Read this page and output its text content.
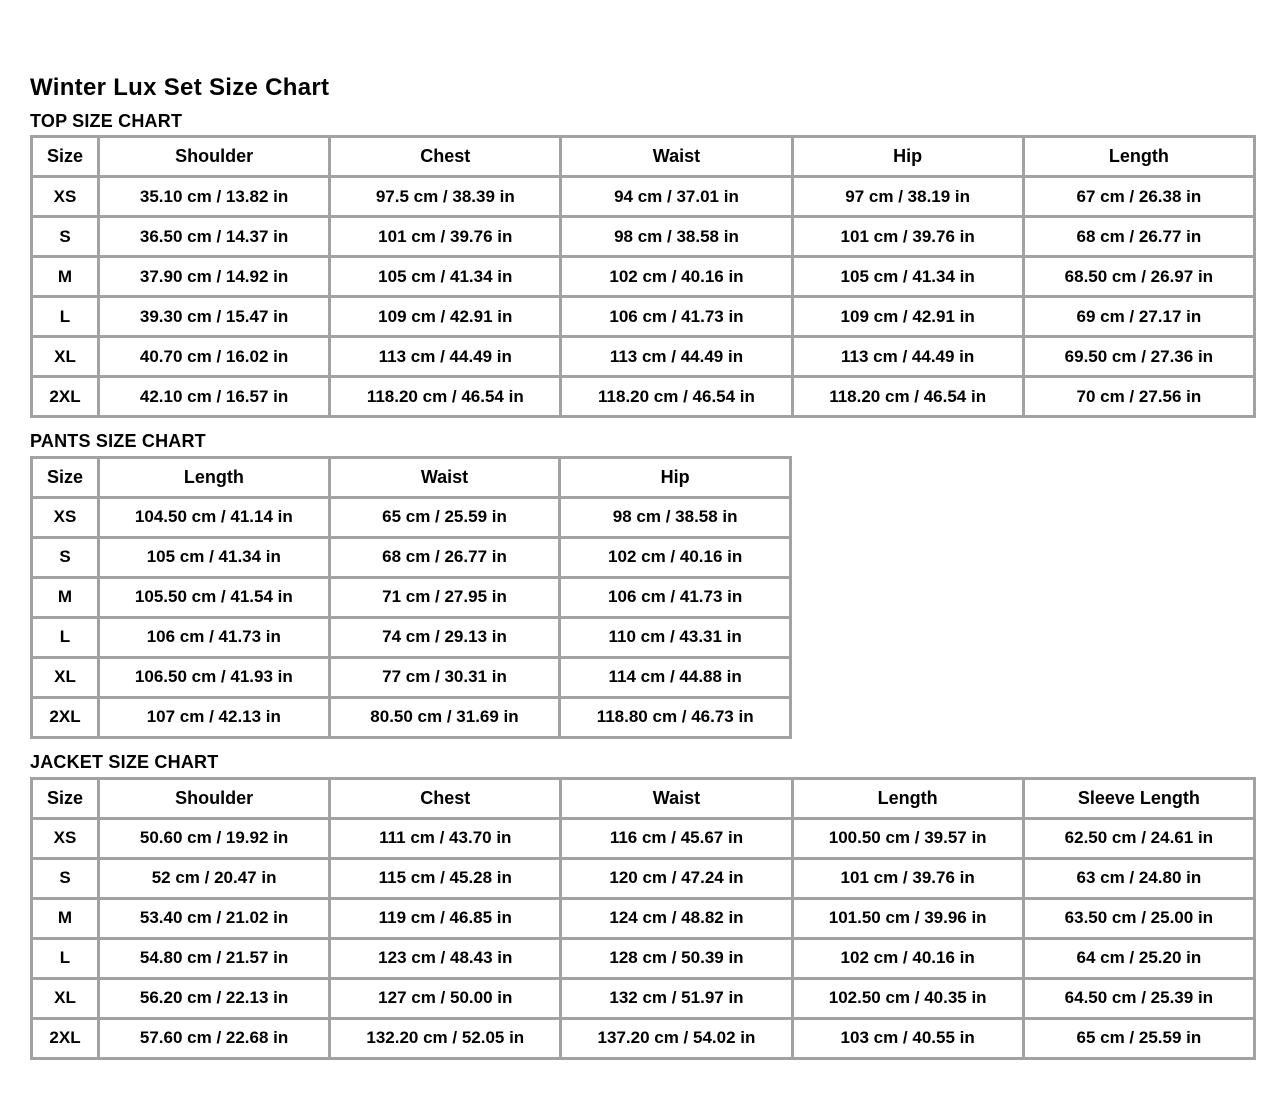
Winter Lux Set Size Chart
TOP SIZE CHART
Size	Shoulder	Chest	Waist	Hip	Length
XS	35.10 cm / 13.82 in	97.5 cm / 38.39 in	94 cm / 37.01 in	97 cm / 38.19 in	67 cm / 26.38 in
S	36.50 cm / 14.37 in	101 cm / 39.76 in	98 cm / 38.58 in	101 cm / 39.76 in	68 cm / 26.77 in
M	37.90 cm / 14.92 in	105 cm / 41.34 in	102 cm / 40.16 in	105 cm / 41.34 in	68.50 cm / 26.97 in
L	39.30 cm / 15.47 in	109 cm / 42.91 in	106 cm / 41.73 in	109 cm / 42.91 in	69 cm / 27.17 in
XL	40.70 cm / 16.02 in	113 cm / 44.49 in	113 cm / 44.49 in	113 cm / 44.49 in	69.50 cm / 27.36 in
2XL	42.10 cm / 16.57 in	118.20 cm / 46.54 in	118.20 cm / 46.54 in	118.20 cm / 46.54 in	70 cm / 27.56 in
PANTS SIZE CHART
Size	Length	Waist	Hip
XS	104.50 cm / 41.14 in	65 cm / 25.59 in	98 cm / 38.58 in
S	105 cm / 41.34 in	68 cm / 26.77 in	102 cm / 40.16 in
M	105.50 cm / 41.54 in	71 cm / 27.95 in	106 cm / 41.73 in
L	106 cm / 41.73 in	74 cm / 29.13 in	110 cm / 43.31 in
XL	106.50 cm / 41.93 in	77 cm / 30.31 in	114 cm / 44.88 in
2XL	107 cm / 42.13 in	80.50 cm / 31.69 in	118.80 cm / 46.73 in
JACKET SIZE CHART
Size	Shoulder	Chest	Waist	Length	Sleeve Length
XS	50.60 cm / 19.92 in	111 cm / 43.70 in	116 cm / 45.67 in	100.50 cm / 39.57 in	62.50 cm / 24.61 in
S	52 cm / 20.47 in	115 cm / 45.28 in	120 cm / 47.24 in	101 cm / 39.76 in	63 cm / 24.80 in
M	53.40 cm / 21.02 in	119 cm / 46.85 in	124 cm / 48.82 in	101.50 cm / 39.96 in	63.50 cm / 25.00 in
L	54.80 cm / 21.57 in	123 cm / 48.43 in	128 cm / 50.39 in	102 cm / 40.16 in	64 cm / 25.20 in
XL	56.20 cm / 22.13 in	127 cm / 50.00 in	132 cm / 51.97 in	102.50 cm / 40.35 in	64.50 cm / 25.39 in
2XL	57.60 cm / 22.68 in	132.20 cm / 52.05 in	137.20 cm / 54.02 in	103 cm / 40.55 in	65 cm / 25.59 in
